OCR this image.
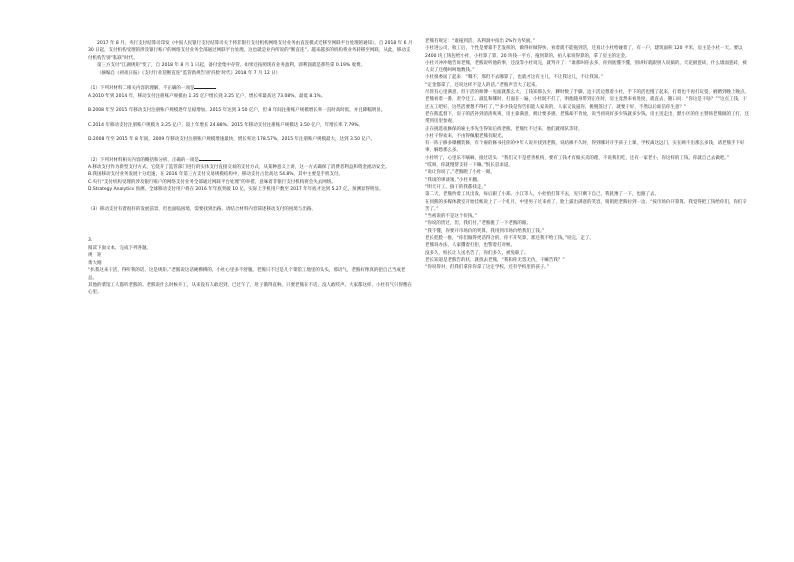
2017 年 8 月，央行支付结算司印发《中国人民银行支付结算司关于将非银行支付机构网络支付业务由直连模式迁移至网联平台处理的通知》，自 2018 年 6 月 30 日起，支付机构受理的涉及银行账户的网络支付业务全部通过网联平台处理。这也就是业内所说的“断直连”。越来越多的机构将业务转移至网联，从此，移动支付机构告别“私联”时代。

第三方支付“江湖规矩”变了，自 2018 年 8 月 1 日起，备付金集中存管。如果还按照现有业务盈利，即利润就是那些拿 0.19% 收费。

（摘编自《初夜日报》《支付行业迎断直连“监管新规告别‘抖脸’时代》2018 年 7 月 12 日）

（1）下列对材料二相关内容的理解，不正确的一项是

A.2010 年到 2014 年，移动支付注册账户规模由 1.35 亿户增长到 3.25 亿户，增长率最高达 73.08%，最低 8.1%。

B.2008 年至 2015 年移动支付注册账户规模逐年呈稳增加，2015 年达到 3.50 亿户，但 8 年间注册账户规模增长率一直时高时低，并且降幅明显。

C.2014 年移动支付注册账户规模为 3.25 亿户，较上年增长 24.88%；2015 年移动支付注册账户规模达 3.50 亿户，年增长率 7.79%。

D.2008 年至 2015 年 8 年间，2009 年移动支付注册账户规模增速最快，增长率达 178.57%，2015 年注册账户规模最大，达到 3.50 亿户。

（2）下列对材料相关内容的概括和分析，正确的一项是

A.移动支付作为新型支付方式，它绕开了监管部门进行的实体支付直接交易的支付方式，从某种意义上讲，这一方式确保了消费者利益和资金流动安全。

B.我国移动支付业务发展十分迅速，在 2016 年第三方支付交易规模结构中，移动支付占比高达 54.8%，其中主要是手机支付。

C.央行“支付机构受理的涉及银行账户的网络支付业务全部通过网联平台处理”的举措，意味着非银行支付机构将会失去网络。

D.Strategy Analytics 预测，全球移动支付用户将在 2016 年年底突破 10 亿，实际上手机用户数至 2017 年年底才达到 5.27 亿，预测显得明显。

（3）移动支付有着很好的发展前景，但也面临困境，需要找到出路。请结合材料内容简述移动支付的困境与出路。

3.

阅读下面文本，完成下列各题。

规　矩

黄大刚

“扒我这来干活，得听我的话，这是规矩。”老熊说这话硬梆梆的，小杜心里多不舒服。老熊只不过是几个菜馆工地里的头头，那语气，老熊好像真的把自己当成老总。

其他的菜馆工人都听老熊的。老熊说什么时候开工，从来没有人敢迟到，已过午了，肚子饿得直响，只要老熊在不话，没人敢吱声。大家都这样，小杜有气只得憋在心里。

老熊有规定：“谁拖到活，从利润中扣出 2%作为奖励。”

小杜进公司，收工后，个性是要靠手艺发挥的，做得好做得快，看着就不能拖到活，还真让小杜给碰着了，有一户，建筑面积 120 平米，房主是小杜一天。要以 2400 块工钱包给小杜，小杜算了算，20 块钱一平方，拖到算的，拍人家说得算的，拿了房主的定金。

小杜兴冲冲地告诉老熊，老熊说听他的事，还没等小杜说完，就骂开了：“谁那叫你去多，你到底懂不懂，别讲好就跟别人说搞的，天花板瓷砖，什么墙面瓷砖，被人卖了还傻呵呵地数钱。”

小杜很委屈了起来：“哪不，那但不去哪算了，也就才这有主儿，不让我这儿，不让我知。”

“定金都拿了，还说这样不是人的话。”老熊声音大了起来。

尽管有心里满意，但干活的师傅一见面就都么大，工钱知那么少，聊时数了手脚，边干活边想着小杜，手下的活也慢了起来，打着也不再打玩耍，磨蹭到晚上晚点。老熊看着一番，责令还工。淑乱和哪时，打面在一遍，小杜既不打了，明他随身带到正住时，房主竟然来看进度，就直去，随口问：“你这是干啥？”“这点工钱，干还五工吧好，这些活要想不得打了，”“多少钱是你告扣能人家说的，人家又没逼你，挑脱签过了，就要干好，不然以后谁信你生意？”

老在熊监督下，房子的活补到清清爽爽，房主靠满意，拥让要多感，老熊却不肯放，说当初说好多少钱就多少钱。房主送走出，默小区的住主赞扬老熊做的工打，还带到房里参观。

正在挑选夜修保的雇主李先生得知后找老熊，老熊忙不过来，他们就排队等待。

小杜干得欢来，不由得佩服老熊有眼光。

有一阵子修多爆棚装修，有个雇的修书托你的中年人说开找到老熊，说结修不久时，得到哪对开手孩子上课，学校离这远门，实在顾不出那么多钱，请老熊手下好事，解愁那么多。

小杜听了，心里乐不嘀嘀，接过话头：“我们又不是慈善机构，要有工钱才有做买卖的理，不说我们吃，还有一家老小，你这样的工钱，你就自己去做吧。”

“哎呀，你就慢帮支持一下嘛。”恨长恳求道。

“说让你说了。”老熊瞪了小杜一眼。

“我谈的事谈领，”小杜开翻。

“明天开工，揣干的我都找走。”

第二天，老熊拎着工具出发，每后跟了小郑、小江等人，小杜悄打算不去，见只剩下自己，我犹豫了一下，也跟了去。

在同熊的多媒体教室开始挂帐说上了一个扎月，中里男子过来看了，脸上露出满意的笑容，销销把老熊拉到一边，“按市场价开算算，我觉得把工钱给你们，你们辛苦了。”

“当初说的不是这个价钱。”

“你说的贵过，但，我们付。”老熊挑了一下老熊的眼。

“我不懂，你要开市场价的奖算，我用到市场价给我们工钱。”

老长把脸一推，“你们做得更话得合的，你不开奖算，那还我不给工钱。”说完，走了。

老熊说办法，人家撂着打拒，也警着打对啦。

没多久，校长让人送名告了，你们多久，被免职了。

老长知道是老熊告的状，就找去老熊，“我和你无怨无仇，干嘛告我？”

“你说得对，但我们拿你你拿了这定学校，还有学校里的孩子。”
